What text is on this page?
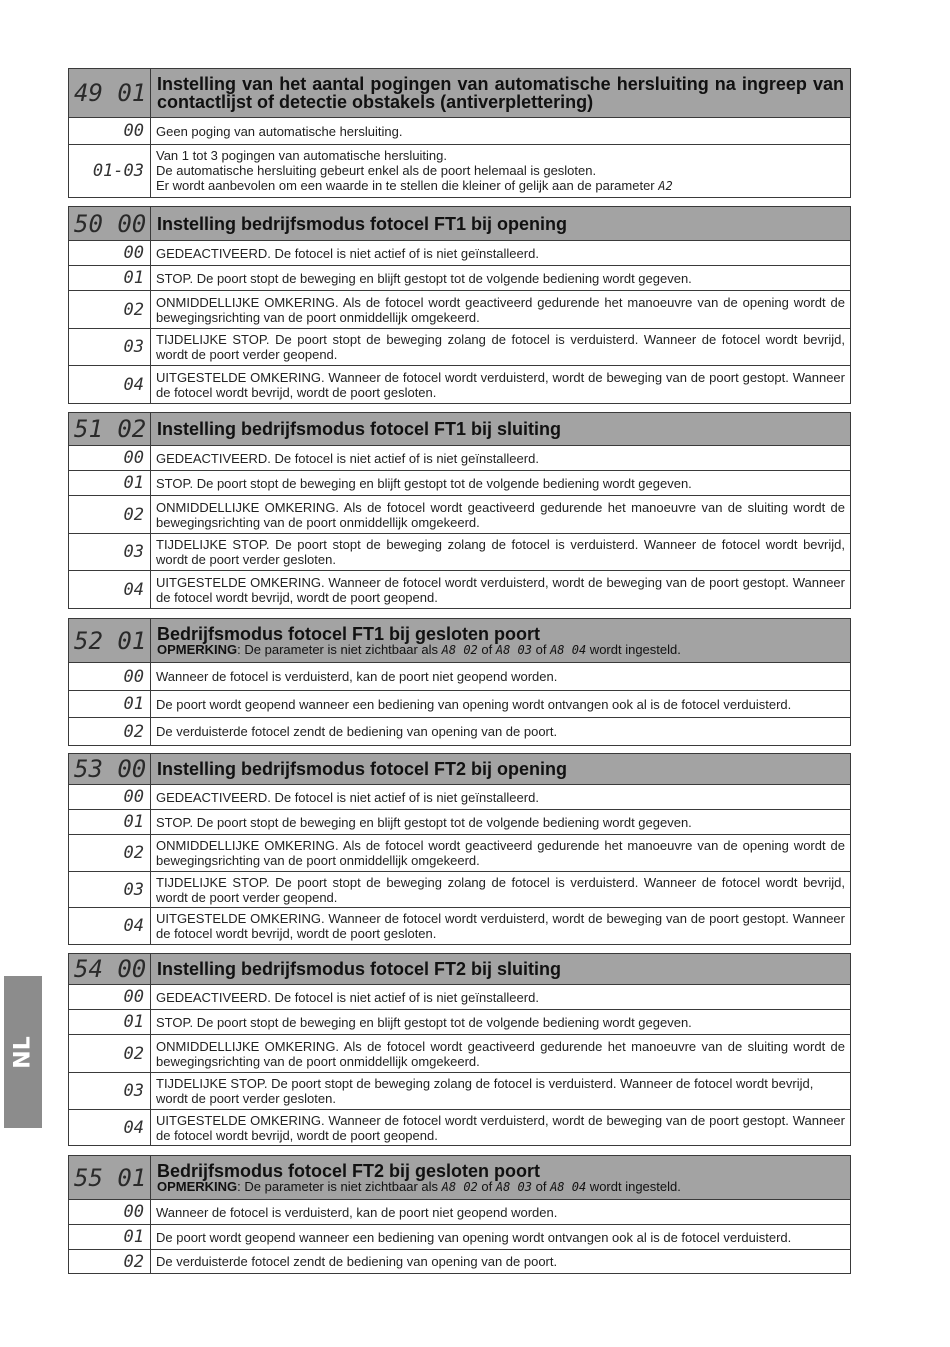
NL
49 01 Instelling van het aantal pogingen van automatische hersluiting na ingreep van contactlijst of detectie obstakels (antiverplettering)
00 Geen poging van automatische hersluiting.
01-03
Van 1 tot 3 pogingen van automatische hersluiting.
De automatische hersluiting gebeurt enkel als de poort helemaal is gesloten.
Er wordt aanbevolen om een waarde in te stellen die kleiner of gelijk aan de parameter A2
50 00 Instelling bedrijfsmodus fotocel FT1 bij opening
00 GEDEACTIVEERD. De fotocel is niet actief of is niet geïnstalleerd.
01 STOP. De poort stopt de beweging en blijft gestopt tot de volgende bediening wordt gegeven.
02 ONMIDDELLIJKE OMKERING. Als de fotocel wordt geactiveerd gedurende het manoeuvre van de opening wordt de bewegingsrichting van de poort onmiddellijk omgekeerd.
03 TIJDELIJKE STOP. De poort stopt de beweging zolang de fotocel is verduisterd. Wanneer de fotocel wordt bevrijd, wordt de poort verder geopend.
04 UITGESTELDE OMKERING. Wanneer de fotocel wordt verduisterd, wordt de beweging van de poort gestopt. Wanneer de fotocel wordt bevrijd, wordt de poort gesloten.
51 02 Instelling bedrijfsmodus fotocel FT1 bij sluiting
00 GEDEACTIVEERD. De fotocel is niet actief of is niet geïnstalleerd.
01 STOP. De poort stopt de beweging en blijft gestopt tot de volgende bediening wordt gegeven.
02 ONMIDDELLIJKE OMKERING. Als de fotocel wordt geactiveerd gedurende het manoeuvre van de sluiting wordt de bewegingsrichting van de poort onmiddellijk omgekeerd.
03 TIJDELIJKE STOP. De poort stopt de beweging zolang de fotocel is verduisterd. Wanneer de fotocel wordt bevrijd, wordt de poort verder gesloten.
04 UITGESTELDE OMKERING. Wanneer de fotocel wordt verduisterd, wordt de beweging van de poort gestopt. Wanneer de fotocel wordt bevrijd, wordt de poort geopend.
52 01 Bedrijfsmodus fotocel FT1 bij gesloten poort
OPMERKING: De parameter is niet zichtbaar als A8 02 of A8 03 of A8 04 wordt ingesteld.
00 Wanneer de fotocel is verduisterd, kan de poort niet geopend worden.
01 De poort wordt geopend wanneer een bediening van opening wordt ontvangen ook al is de fotocel verduisterd.
02 De verduisterde fotocel zendt de bediening van opening van de poort.
53 00 Instelling bedrijfsmodus fotocel FT2 bij opening
00 GEDEACTIVEERD. De fotocel is niet actief of is niet geïnstalleerd.
01 STOP. De poort stopt de beweging en blijft gestopt tot de volgende bediening wordt gegeven.
02 ONMIDDELLIJKE OMKERING. Als de fotocel wordt geactiveerd gedurende het manoeuvre van de opening wordt de bewegingsrichting van de poort onmiddellijk omgekeerd.
03 TIJDELIJKE STOP. De poort stopt de beweging zolang de fotocel is verduisterd. Wanneer de fotocel wordt bevrijd, wordt de poort verder geopend.
04 UITGESTELDE OMKERING. Wanneer de fotocel wordt verduisterd, wordt de beweging van de poort gestopt. Wanneer de fotocel wordt bevrijd, wordt de poort gesloten.
54 00 Instelling bedrijfsmodus fotocel FT2 bij sluiting
00 GEDEACTIVEERD. De fotocel is niet actief of is niet geïnstalleerd.
01 STOP. De poort stopt de beweging en blijft gestopt tot de volgende bediening wordt gegeven.
02 ONMIDDELLIJKE OMKERING. Als de fotocel wordt geactiveerd gedurende het manoeuvre van de sluiting wordt de bewegingsrichting van de poort onmiddellijk omgekeerd.
03 TIJDELIJKE STOP. De poort stopt de beweging zolang de fotocel is verduisterd. Wanneer de fotocel wordt bevrijd, wordt de poort verder gesloten.
04 UITGESTELDE OMKERING. Wanneer de fotocel wordt verduisterd, wordt de beweging van de poort gestopt. Wanneer de fotocel wordt bevrijd, wordt de poort geopend.
55 01 Bedrijfsmodus fotocel FT2 bij gesloten poort
OPMERKING: De parameter is niet zichtbaar als A8 02 of A8 03 of A8 04 wordt ingesteld.
00 Wanneer de fotocel is verduisterd, kan de poort niet geopend worden.
01 De poort wordt geopend wanneer een bediening van opening wordt ontvangen ook al is de fotocel verduisterd.
02 De verduisterde fotocel zendt de bediening van opening van de poort.
